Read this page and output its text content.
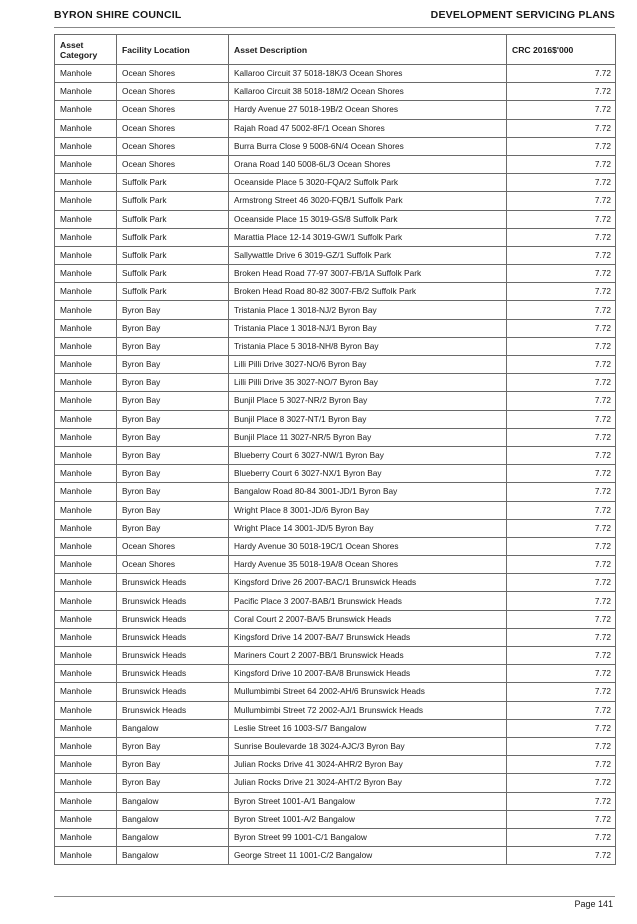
BYRON SHIRE COUNCIL	DEVELOPMENT SERVICING PLANS
Asset Category	Facility Location	Asset Description	CRC 2016$'000
Manhole	Ocean Shores	Kallaroo Circuit 37 5018-18K/3 Ocean Shores	7.72
Manhole	Ocean Shores	Kallaroo Circuit 38 5018-18M/2 Ocean Shores	7.72
Manhole	Ocean Shores	Hardy Avenue 27 5018-19B/2 Ocean Shores	7.72
Manhole	Ocean Shores	Rajah Road 47 5002-8F/1 Ocean Shores	7.72
Manhole	Ocean Shores	Burra Burra Close 9 5008-6N/4 Ocean Shores	7.72
Manhole	Ocean Shores	Orana Road 140 5008-6L/3 Ocean Shores	7.72
Manhole	Suffolk Park	Oceanside Place 5 3020-FQA/2 Suffolk Park	7.72
Manhole	Suffolk Park	Armstrong Street 46 3020-FQB/1 Suffolk Park	7.72
Manhole	Suffolk Park	Oceanside Place 15 3019-GS/8 Suffolk Park	7.72
Manhole	Suffolk Park	Marattia Place 12-14 3019-GW/1 Suffolk Park	7.72
Manhole	Suffolk Park	Sallywattle Drive 6 3019-GZ/1 Suffolk Park	7.72
Manhole	Suffolk Park	Broken Head Road 77-97 3007-FB/1A Suffolk Park	7.72
Manhole	Suffolk Park	Broken Head Road 80-82 3007-FB/2 Suffolk Park	7.72
Manhole	Byron Bay	Tristania Place 1 3018-NJ/2 Byron Bay	7.72
Manhole	Byron Bay	Tristania Place 1 3018-NJ/1 Byron Bay	7.72
Manhole	Byron Bay	Tristania Place 5 3018-NH/8 Byron Bay	7.72
Manhole	Byron Bay	Lilli Pilli Drive 3027-NO/6 Byron Bay	7.72
Manhole	Byron Bay	Lilli Pilli Drive 35 3027-NO/7 Byron Bay	7.72
Manhole	Byron Bay	Bunjil Place 5 3027-NR/2 Byron Bay	7.72
Manhole	Byron Bay	Bunjil Place 8 3027-NT/1 Byron Bay	7.72
Manhole	Byron Bay	Bunjil Place 11 3027-NR/5 Byron Bay	7.72
Manhole	Byron Bay	Blueberry Court 6 3027-NW/1 Byron Bay	7.72
Manhole	Byron Bay	Blueberry Court 6 3027-NX/1 Byron Bay	7.72
Manhole	Byron Bay	Bangalow Road 80-84 3001-JD/1 Byron Bay	7.72
Manhole	Byron Bay	Wright Place 8 3001-JD/6 Byron Bay	7.72
Manhole	Byron Bay	Wright Place 14 3001-JD/5 Byron Bay	7.72
Manhole	Ocean Shores	Hardy Avenue 30 5018-19C/1 Ocean Shores	7.72
Manhole	Ocean Shores	Hardy Avenue 35 5018-19A/8 Ocean Shores	7.72
Manhole	Brunswick Heads	Kingsford Drive 26 2007-BAC/1 Brunswick Heads	7.72
Manhole	Brunswick Heads	Pacific Place 3 2007-BAB/1 Brunswick Heads	7.72
Manhole	Brunswick Heads	Coral Court 2 2007-BA/5 Brunswick Heads	7.72
Manhole	Brunswick Heads	Kingsford Drive 14 2007-BA/7 Brunswick Heads	7.72
Manhole	Brunswick Heads	Mariners Court 2 2007-BB/1 Brunswick Heads	7.72
Manhole	Brunswick Heads	Kingsford Drive 10 2007-BA/8 Brunswick Heads	7.72
Manhole	Brunswick Heads	Mullumbimbi Street 64 2002-AH/6 Brunswick Heads	7.72
Manhole	Brunswick Heads	Mullumbimbi Street 72 2002-AJ/1 Brunswick Heads	7.72
Manhole	Bangalow	Leslie Street 16 1003-S/7 Bangalow	7.72
Manhole	Byron Bay	Sunrise Boulevarde 18 3024-AJC/3 Byron Bay	7.72
Manhole	Byron Bay	Julian Rocks Drive 41 3024-AHR/2 Byron Bay	7.72
Manhole	Byron Bay	Julian Rocks Drive 21 3024-AHT/2 Byron Bay	7.72
Manhole	Bangalow	Byron Street 1001-A/1 Bangalow	7.72
Manhole	Bangalow	Byron Street 1001-A/2 Bangalow	7.72
Manhole	Bangalow	Byron Street 99 1001-C/1 Bangalow	7.72
Manhole	Bangalow	George Street 11 1001-C/2 Bangalow	7.72
Page 141
